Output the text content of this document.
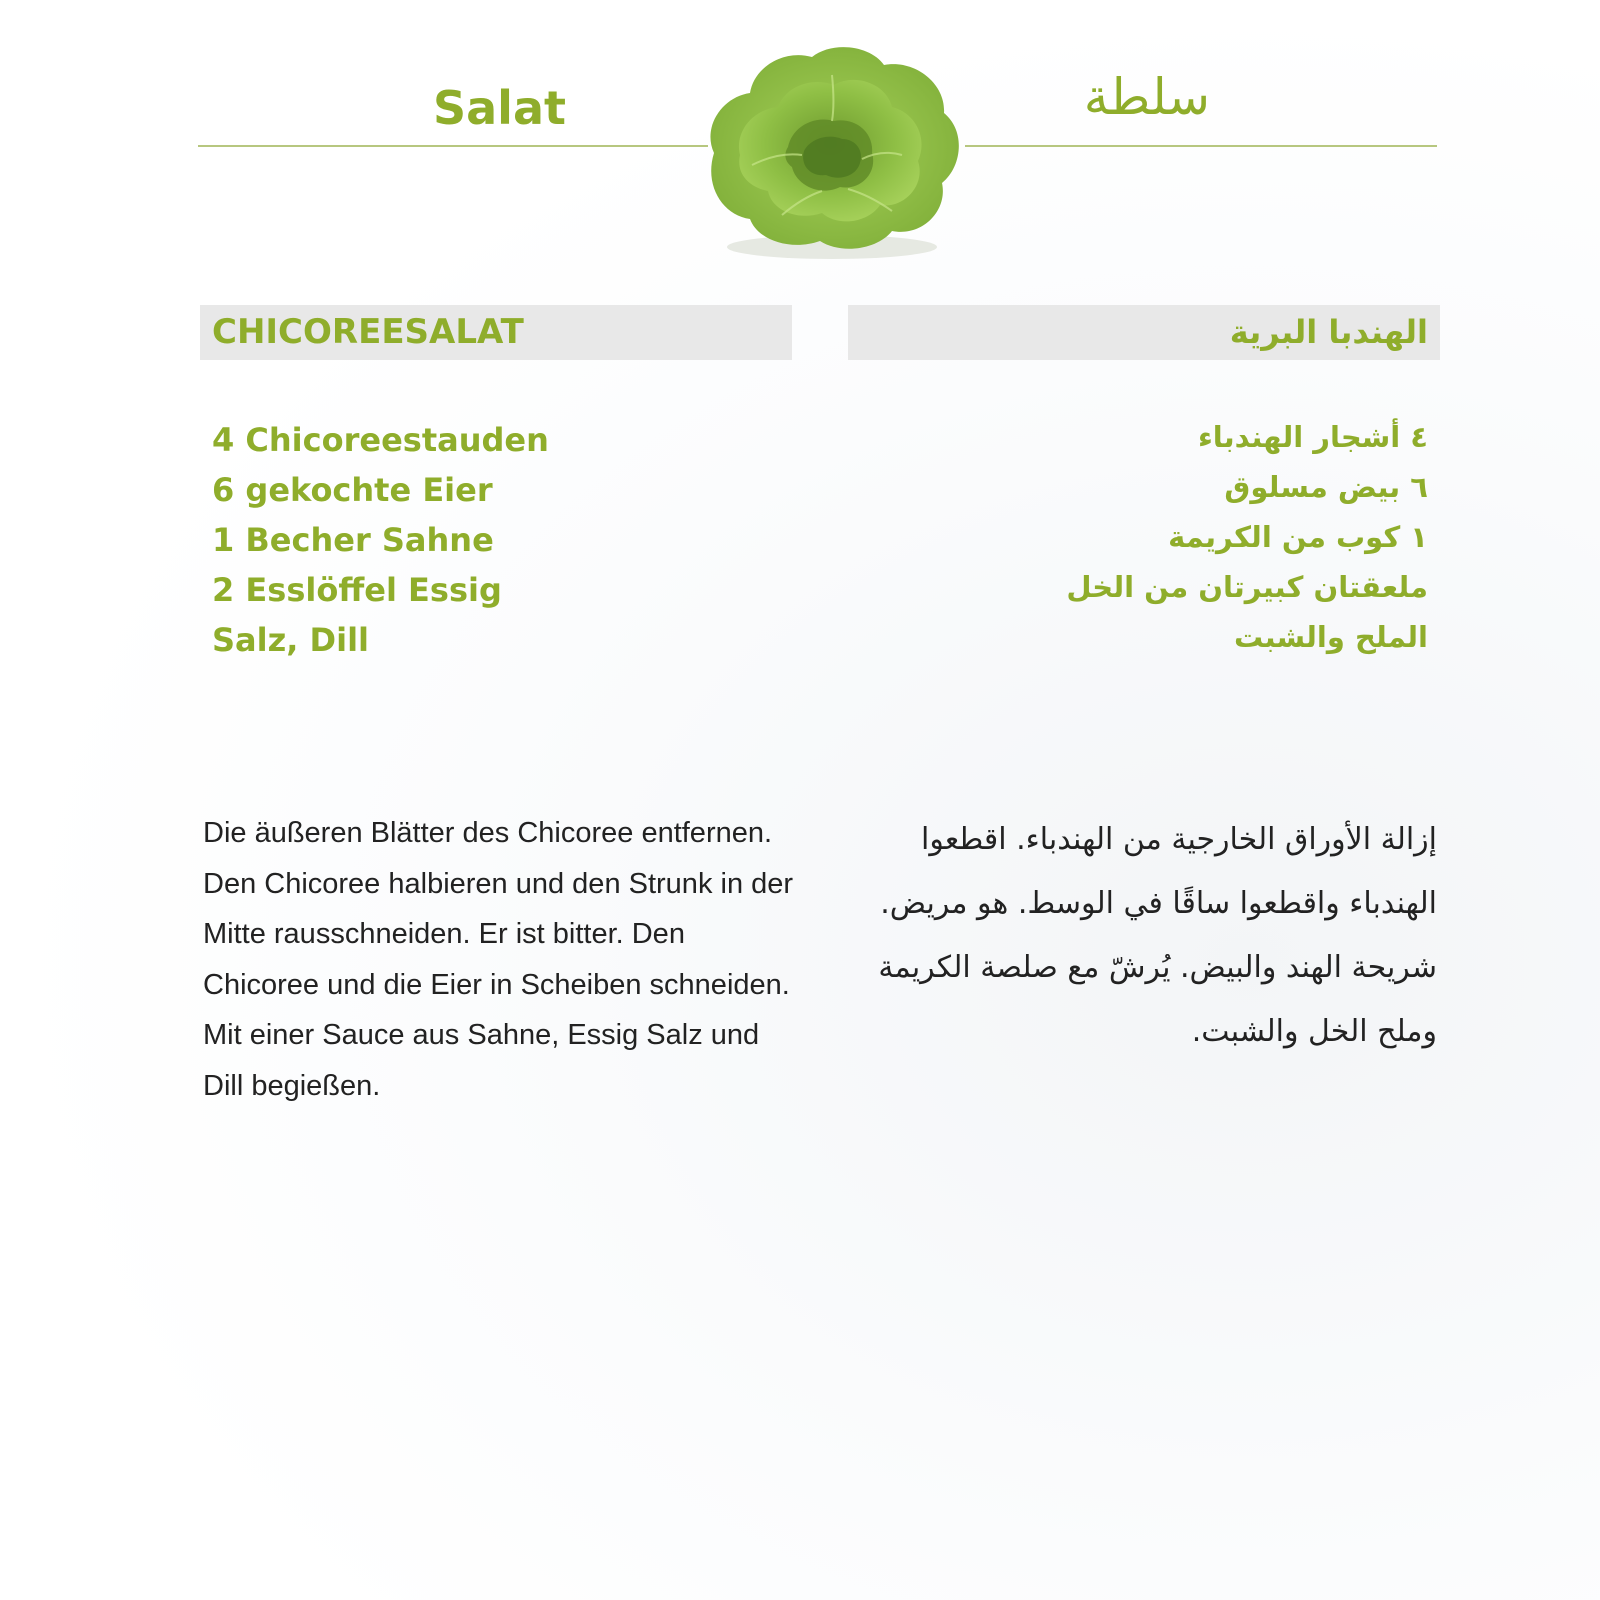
Salat	سلطة
CHICOREESALAT	الهندبا البرية
4 Chicoreestauden
6 gekochte Eier
1 Becher Sahne
2 Esslöffel Essig
Salz, Dill
٤ أشجار الهندباء
٦ بيض مسلوق
١ كوب من الكريمة
ملعقتان كبيرتان من الخل
الملح والشبت

Die äußeren Blätter des Chicoree entfernen. Den Chicoree halbieren und den Strunk in der Mitte rausschneiden. Er ist bitter. Den Chicoree und die Eier in Scheiben schneiden. Mit einer Sauce aus Sahne, Essig Salz und Dill begießen.

إزالة الأوراق الخارجية من الهندباء. اقطعوا الهندباء واقطعوا ساقًا في الوسط. هو مريض. شريحة الهند والبيض. يُرشّ مع صلصة الكريمة وملح الخل والشبت.
